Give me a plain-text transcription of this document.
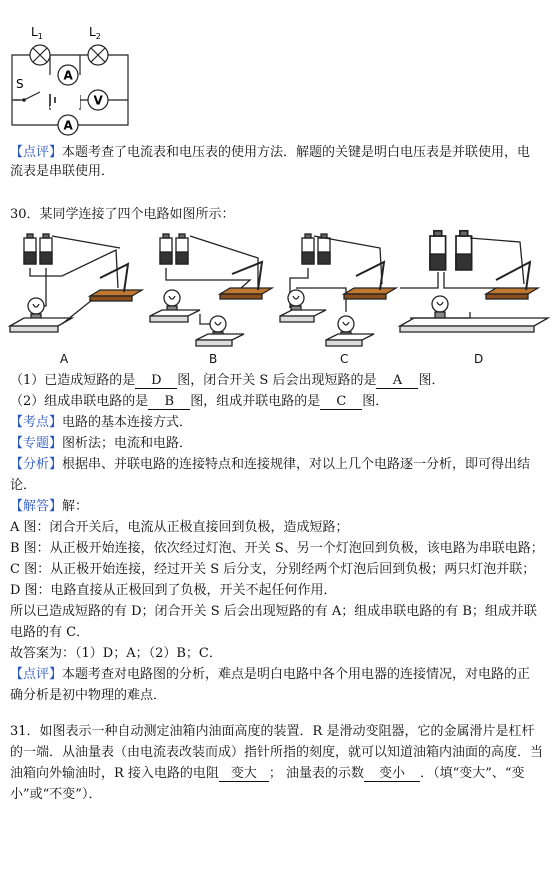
$L_1$	$L_2$
A
V
S
A
【点评】本题考查了电流表和电压表的使用方法．解题的关键是明白电压表是并联使用，电
流表是串联使用．
30．某同学连接了四个电路如图所示：
A	B	C	D
（1）已造成短路的是 D 图，闭合开关 S 后会出现短路的是 A 图．
（2）组成串联电路的是 B 图，组成并联电路的是 C 图．
【考点】电路的基本连接方式．
【专题】图析法；电流和电路．
【分析】根据串、并联电路的连接特点和连接规律，对以上几个电路逐一分析，即可得出结
论．
【解答】解：
A 图：闭合开关后，电流从正极直接回到负极，造成短路；
B 图：从正极开始连接，依次经过灯泡、开关 S、另一个灯泡回到负极，该电路为串联电路；
C 图：从正极开始连接，经过开关 S 后分支，分别经两个灯泡后回到负极；两只灯泡并联；
D 图：电路直接从正极回到了负极，开关不起任何作用．
所以已造成短路的有 D；闭合开关 S 后会出现短路的有 A；组成串联电路的有 B；组成并联
电路的有 C．
故答案为：（1）D；A；（2）B；C．
【点评】本题考查对电路图的分析，难点是明白电路中各个用电器的连接情况，对电路的正
确分析是初中物理的难点．
31．如图表示一种自动测定油箱内油面高度的装置．R 是滑动变阻器，它的金属滑片是杠杆
的一端．从油量表（由电流表改装而成）指针所指的刻度，就可以知道油箱内油面的高度．当
油箱向外输油时，R 接入电路的电阻 变大 ； 油量表的示数 变小 ．（填“变大”、“变
小”或“不变”）．
